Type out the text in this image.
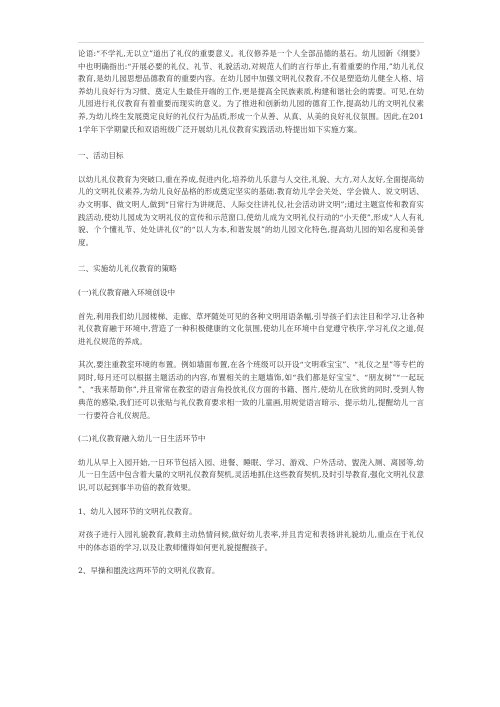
论语:“不学礼,无以立”道出了礼仪的重要意义。礼仪修养是一个人全部品德的基石。幼儿园新《纲要》中也明确指出:“开展必要的礼仪、礼节、礼貌活动,对规范人们的言行举止,有着重要的作用,”幼儿礼仪教育,是幼儿园思想品德教育的重要内容。在幼儿园中加强文明礼仪教育,不仅是塑造幼儿健全人格、培养幼儿良好行为习惯、奠定人生最佳开端的工作,更是提高全民族素质,构建和谐社会的需要。可见,在幼儿园进行礼仪教育有着重要而现实的意义。为了推进和创新幼儿园的德育工作,提高幼儿的文明礼仪素养,为幼儿终生发展奠定良好的礼仪行为品质,形成一个从善、从真、从美的良好礼仪氛围。因此,在2011学年下学期蒙氏和双语班级广泛开展幼儿礼仪教育实践活动,特提出如下实施方案。

一、活动目标

以幼儿礼仪教育为突破口,重在养成,促进内化,培养幼儿乐意与人交往,礼貌、大方,对人友好,全面提高幼儿的文明礼仪素养,为幼儿良好品格的形成奠定坚实的基础.教育幼儿学会关处、学会做人、说文明话、办文明事、做文明人,做到“日常行为讲规范、人际交往讲礼仪,社会活动讲文明”;通过主题宣传和教育实践活动,使幼儿园成为文明礼仪的宣传和示范窗口,使幼儿成为文明礼仪行动的“小天使”,形成“人人有礼貌、个个懂礼节、处处讲礼仪”的“以人为本,和谐发展”的幼儿园文化特色,提高幼儿园的知名度和美誉度。

二、实施幼儿礼仪教育的策略

(一)礼仪教育融入环境创设中

首先,利用我们幼儿园楼梯、走廊、草坪随处可见的各种文明用语条幅,引导孩子们去注目和学习,让各种礼仪教育融于环境中,营造了一种积极健康的文化氛围,使幼儿在环境中自觉遵守秩序,学习礼仪之道,促进礼仪规范的养成。

其次,要注重教室环境的布置。例如墙面布置,在各个班级可以开设“文明乖宝宝”、“礼仪之星”等专栏的同时,每月还可以根据主题活动的内容,布置相关的主题墙饰,如“我们都是好宝宝”、“朋友树”“一起玩 ”、“我来帮助你”,并且常常在教室的语言角投放礼仪方面的书籍、图片,使幼儿在欣赏的同时,受到人物典范的感染,我们还可以张贴与礼仪教育要求相一致的儿童画,用规觉语言暗示、提示幼儿,提醒幼儿一言一行要符合礼仪规范。

(二)礼仪教育融入幼儿一日生活环节中

幼儿从早上入园开始,一日环节包括入园、进餐、睡眠、学习、游戏、户外活动、盥洗入厕、离园等,幼儿一日生活中包含着大量的文明礼仪教育契机,灵活地抓住这些教育契机,及时引导教育,强化文明礼仪意识,可以起到事半功倍的教育效果。

1、幼儿入园环节的文明礼仪教育。

对孩子进行入园礼貌教育,教师主动热情问候,做好幼儿表率,并且肯定和表扬讲礼貌幼儿,重点在于礼仪中的体态语的学习,以及让教师懂得如何更礼貌提醒孩子。

2、早操和盥洗这两环节的文明礼仪教育。
